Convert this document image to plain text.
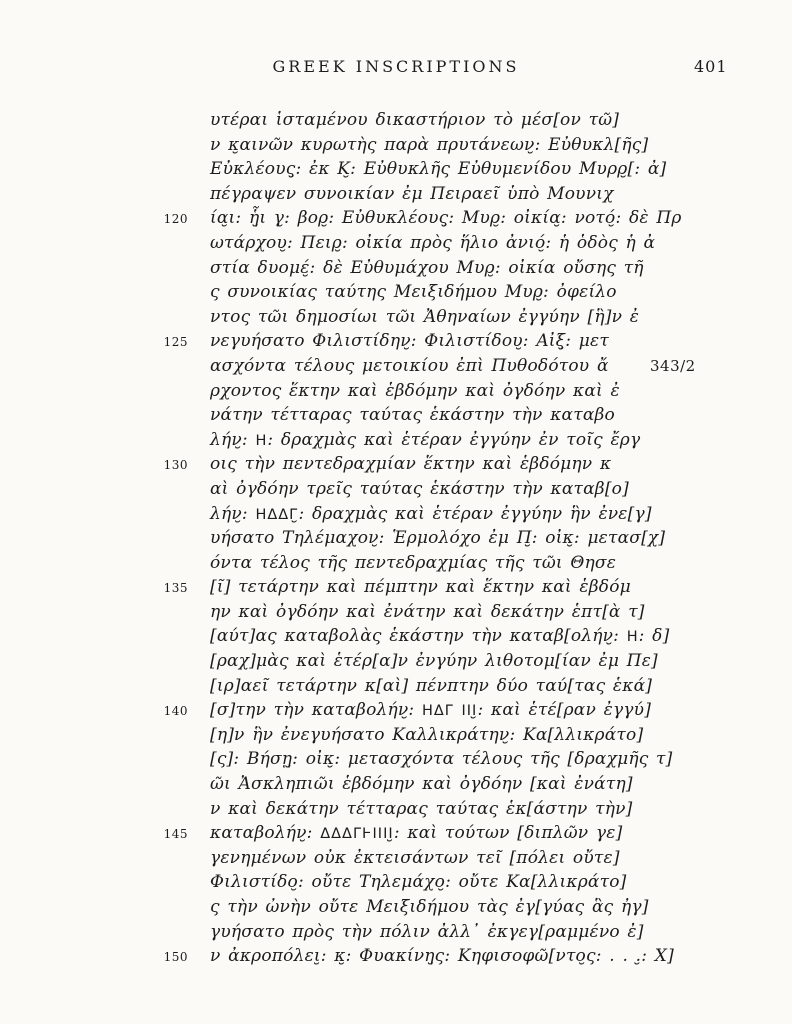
GREEK INSCRIPTIONS	401
υτέραι ἱσταμένου δικαστήριον τὸ μέσ[ον τῶ]
ν κ̮αινῶν κυρωτὴς παρὰ πρυτάνεων̮: Εὐθυκλ[ῆς]
Εὐκλέους̮: ἐκ Κ̮: Εὐθυκλῆς Εὐθυμενίδου Μυρρ̮[: ἀ]
πέγραψεν συνοικίαν ἐμ Πειραεῖ ὑπὸ Μουνιχ
120 ία̮ι: ἧ̮ι γ̮: βορ̮: Εὐθυκλέους̮: Μυρ̮: οἰκία̮: νοτό̮: δὲ Πρ
ωτάρχου̮: Πειρ̮: οἰκία πρὸς ἥλιο ἀνιό̮: ἡ ὁδὸς ἡ ἀ
στία δυομέ̮: δὲ Εὐθυμάχου Μυρ̮: οἰκία οὔσης τῆ
ς συνοικίας ταύτης Μειξιδήμου Μυρ̮: ὀφείλο
ντος τῶι δημοσίωι τῶι Ἀθηναίων ἐγγύην [ἣ]ν ἐ
125 νεγυήσατο Φιλιστίδην̮: Φιλιστίδου̮: Αἰξ̮: μετ
ασχόντα τέλους μετοικίου ἐπὶ Πυθοδότου ἄ
ρχοντος ἕκτην καὶ ἑβδόμην καὶ ὀγδόην καὶ ἐ
νάτην τέτταρας ταύτας ἑκάστην τὴν καταβο
λήν̮: Η: δραχμὰς καὶ ἑτέραν ἐγγύην ἐν τοῖς ἔργ
130 οις τὴν πεντεδραχμίαν ἕκτην καὶ ἑβδόμην κ
αὶ ὀγδόην τρεῖς ταύτας ἑκάστην τὴν καταβ[ο]
λήν̮: ΗΔΔΓ̮: δραχμὰς καὶ ἑτέραν ἐγγύην ἣν ἐνε[γ]
υήσατο Τηλέμαχον̮: Ἑρμολόχο ἐμ Π̮: οἰκ̮: μετασ[χ]
όντα τέλος τῆς πεντεδραχμίας τῆς τῶι Θησε
135 [ῖ] τετάρτην καὶ πέμπτην καὶ ἕκτην καὶ ἑβδόμ
ην καὶ ὀγδόην καὶ ἐνάτην καὶ δεκάτην ἑπτ[ὰ τ]
[αύτ]ας καταβολὰς ἑκάστην τὴν καταβ[ολήν̮: Η: δ]
[ραχ]μὰς καὶ ἑτέρ[α]ν ἐνγύην λιθοτομ[ίαν ἐμ Πε]
[ιρ]αεῖ τετάρτην κ[αὶ] πένπτην δύο ταύ[τας ἑκά]
140 [σ]την τὴν καταβολήν̮: ΗΔΓ ΙΙΙ̮: καὶ ἑτέ[ραν ἐγγύ]
[η]ν ἣν ἐνεγυήσατο Καλλικράτην̮: Κα[λλικράτο]
[ς]: Βήσῃ̮: οἰκ̮: μετασχόντα τέλους τῆς [δραχμῆς τ]
ῶι Ἀσκληπιῶι ἑβδόμην καὶ ὀγδόην [καὶ ἐνάτη]
ν καὶ δεκάτην τέτταρας ταύτας ἑκ[άστην τὴν]
145 καταβολήν̮: ΔΔΔΓͰΙΙΙΙ̮: καὶ τούτων [διπλῶν γε]
γενημένων οὐκ ἐκτεισάντων τεῖ [πόλει οὔτε]
Φιλιστίδο̮: οὔτε Τηλεμάχο̮: οὔτε Κα[λλικράτο]
ς τὴν ὠνὴν οὔτε Μειξιδήμου τὰς ἐγ[γύας ἃς ἠγ]
γυήσατο πρὸς τὴν πόλιν ἀλλ᾽ ἐκγεγ[ραμμένο ἐ]
150 ν ἀκροπόλει̮: κ̮: Φυακίνη̮ς: Κηφισοφῶ[ντο̮ς: . . .̮: Χ]
343/2
